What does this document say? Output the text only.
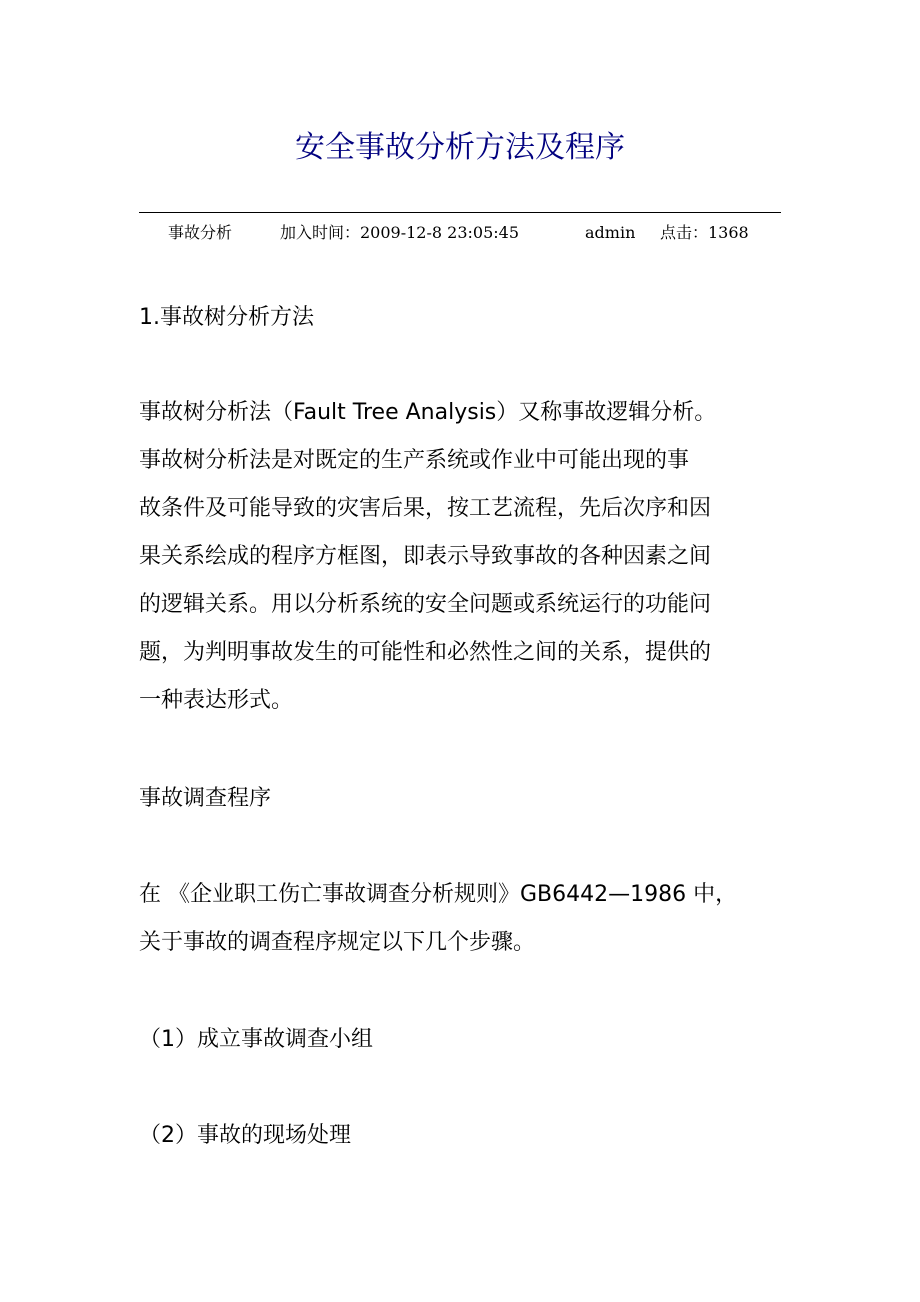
安全事故分析方法及程序
事故分析	加入时间：2009-12-8 23:05:45	admin 点击：1368
1.事故树分析方法
事故树分析法（Fault Tree Analysis）又称事故逻辑分析。
事故树分析法是对既定的生产系统或作业中可能出现的事
故条件及可能导致的灾害后果，按工艺流程，先后次序和因
果关系绘成的程序方框图，即表示导致事故的各种因素之间
的逻辑关系。用以分析系统的安全问题或系统运行的功能问
题，为判明事故发生的可能性和必然性之间的关系，提供的
一种表达形式。
事故调查程序
在 《企业职工伤亡事故调查分析规则》GB6442—1986 中，
关于事故的调查程序规定以下几个步骤。
（1）成立事故调查小组
（2）事故的现场处理
